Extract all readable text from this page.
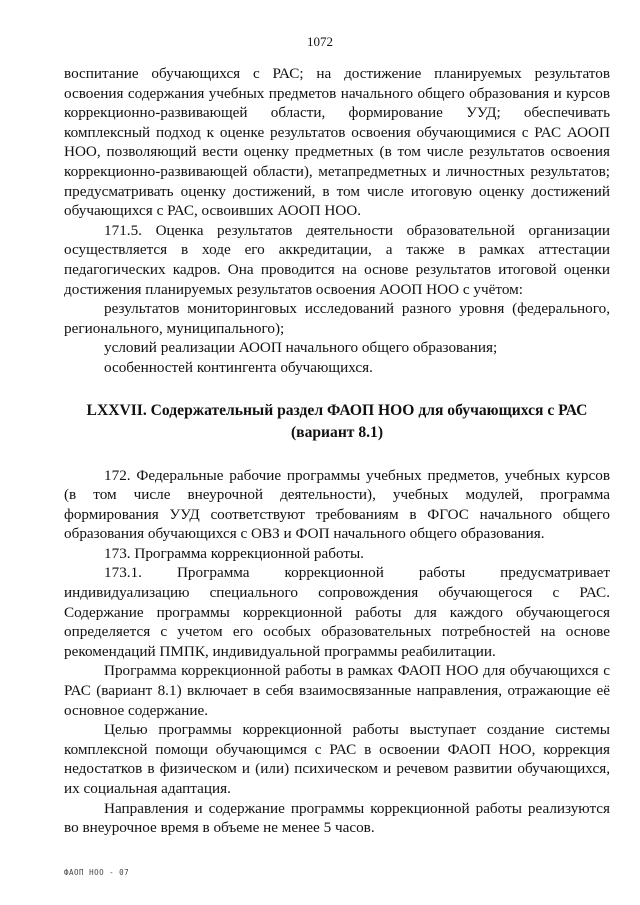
1072

воспитание обучающихся с РАС; на достижение планируемых результатов освоения содержания учебных предметов начального общего образования и курсов коррекционно-развивающей области, формирование УУД; обеспечивать комплексный подход к оценке результатов освоения обучающимися с РАС АООП НОО, позволяющий вести оценку предметных (в том числе результатов освоения коррекционно-развивающей области), метапредметных и личностных результатов; предусматривать оценку достижений, в том числе итоговую оценку достижений обучающихся с РАС, освоивших АООП НОО.

171.5. Оценка результатов деятельности образовательной организации осуществляется в ходе его аккредитации, а также в рамках аттестации педагогических кадров. Она проводится на основе результатов итоговой оценки достижения планируемых результатов освоения АООП НОО с учётом:

результатов мониторинговых исследований разного уровня (федерального, регионального, муниципального);

условий реализации АООП начального общего образования;

особенностей контингента обучающихся.

LXXVII. Содержательный раздел ФАОП НОО для обучающихся с РАС (вариант 8.1)

172. Федеральные рабочие программы учебных предметов, учебных курсов (в том числе внеурочной деятельности), учебных модулей, программа формирования УУД соответствуют требованиям в ФГОС начального общего образования обучающихся с ОВЗ и ФОП начального общего образования.

173. Программа коррекционной работы.

173.1. Программа коррекционной работы предусматривает индивидуализацию специального сопровождения обучающегося с РАС. Содержание программы коррекционной работы для каждого обучающегося определяется с учетом его особых образовательных потребностей на основе рекомендаций ПМПК, индивидуальной программы реабилитации.

Программа коррекционной работы в рамках ФАОП НОО для обучающихся с РАС (вариант 8.1) включает в себя взаимосвязанные направления, отражающие её основное содержание.

Целью программы коррекционной работы выступает создание системы комплексной помощи обучающимся с РАС в освоении ФАОП НОО, коррекция недостатков в физическом и (или) психическом и речевом развитии обучающихся, их социальная адаптация.

Направления и содержание программы коррекционной работы реализуются во внеурочное время в объеме не менее 5 часов.

ФАОП НОО - 07
